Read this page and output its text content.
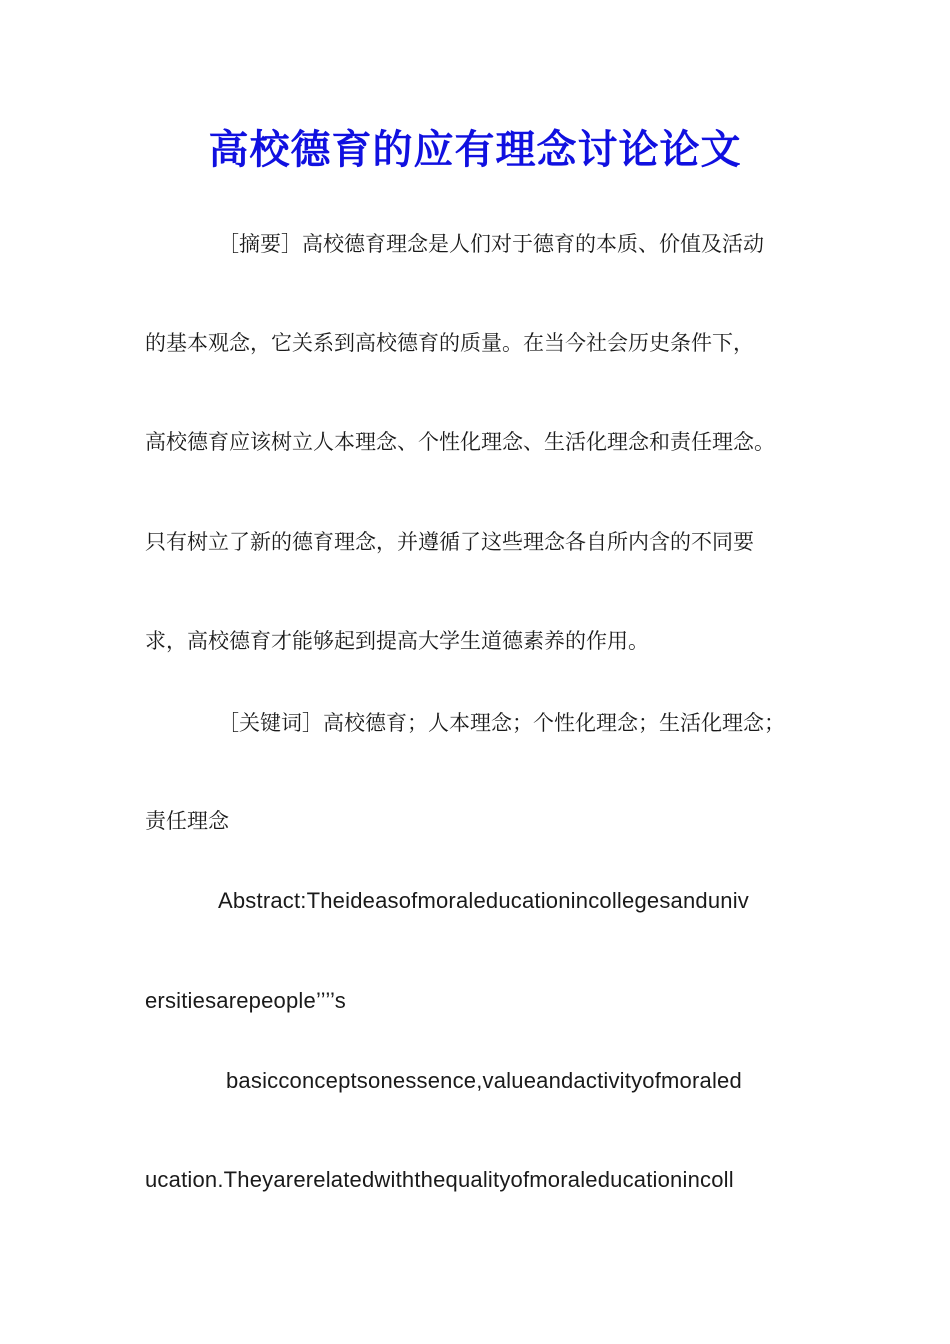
高校德育的应有理念讨论论文
［摘要］高校德育理念是人们对于德育的本质、价值及活动
的基本观念，它关系到高校德育的质量。在当今社会历史条件下，
高校德育应该树立人本理念、个性化理念、生活化理念和责任理念。
只有树立了新的德育理念，并遵循了这些理念各自所内含的不同要
求，高校德育才能够起到提高大学生道德素养的作用。
［关键词］高校德育；人本理念；个性化理念；生活化理念；
责任理念
Abstract:Theideasofmoraleducationincollegesanduniv
ersitiesarepeople’’’’s
basicconceptsonessence,valueandactivityofmoraled
ucation.Theyarerelatedwiththequalityofmoraleducationincoll
